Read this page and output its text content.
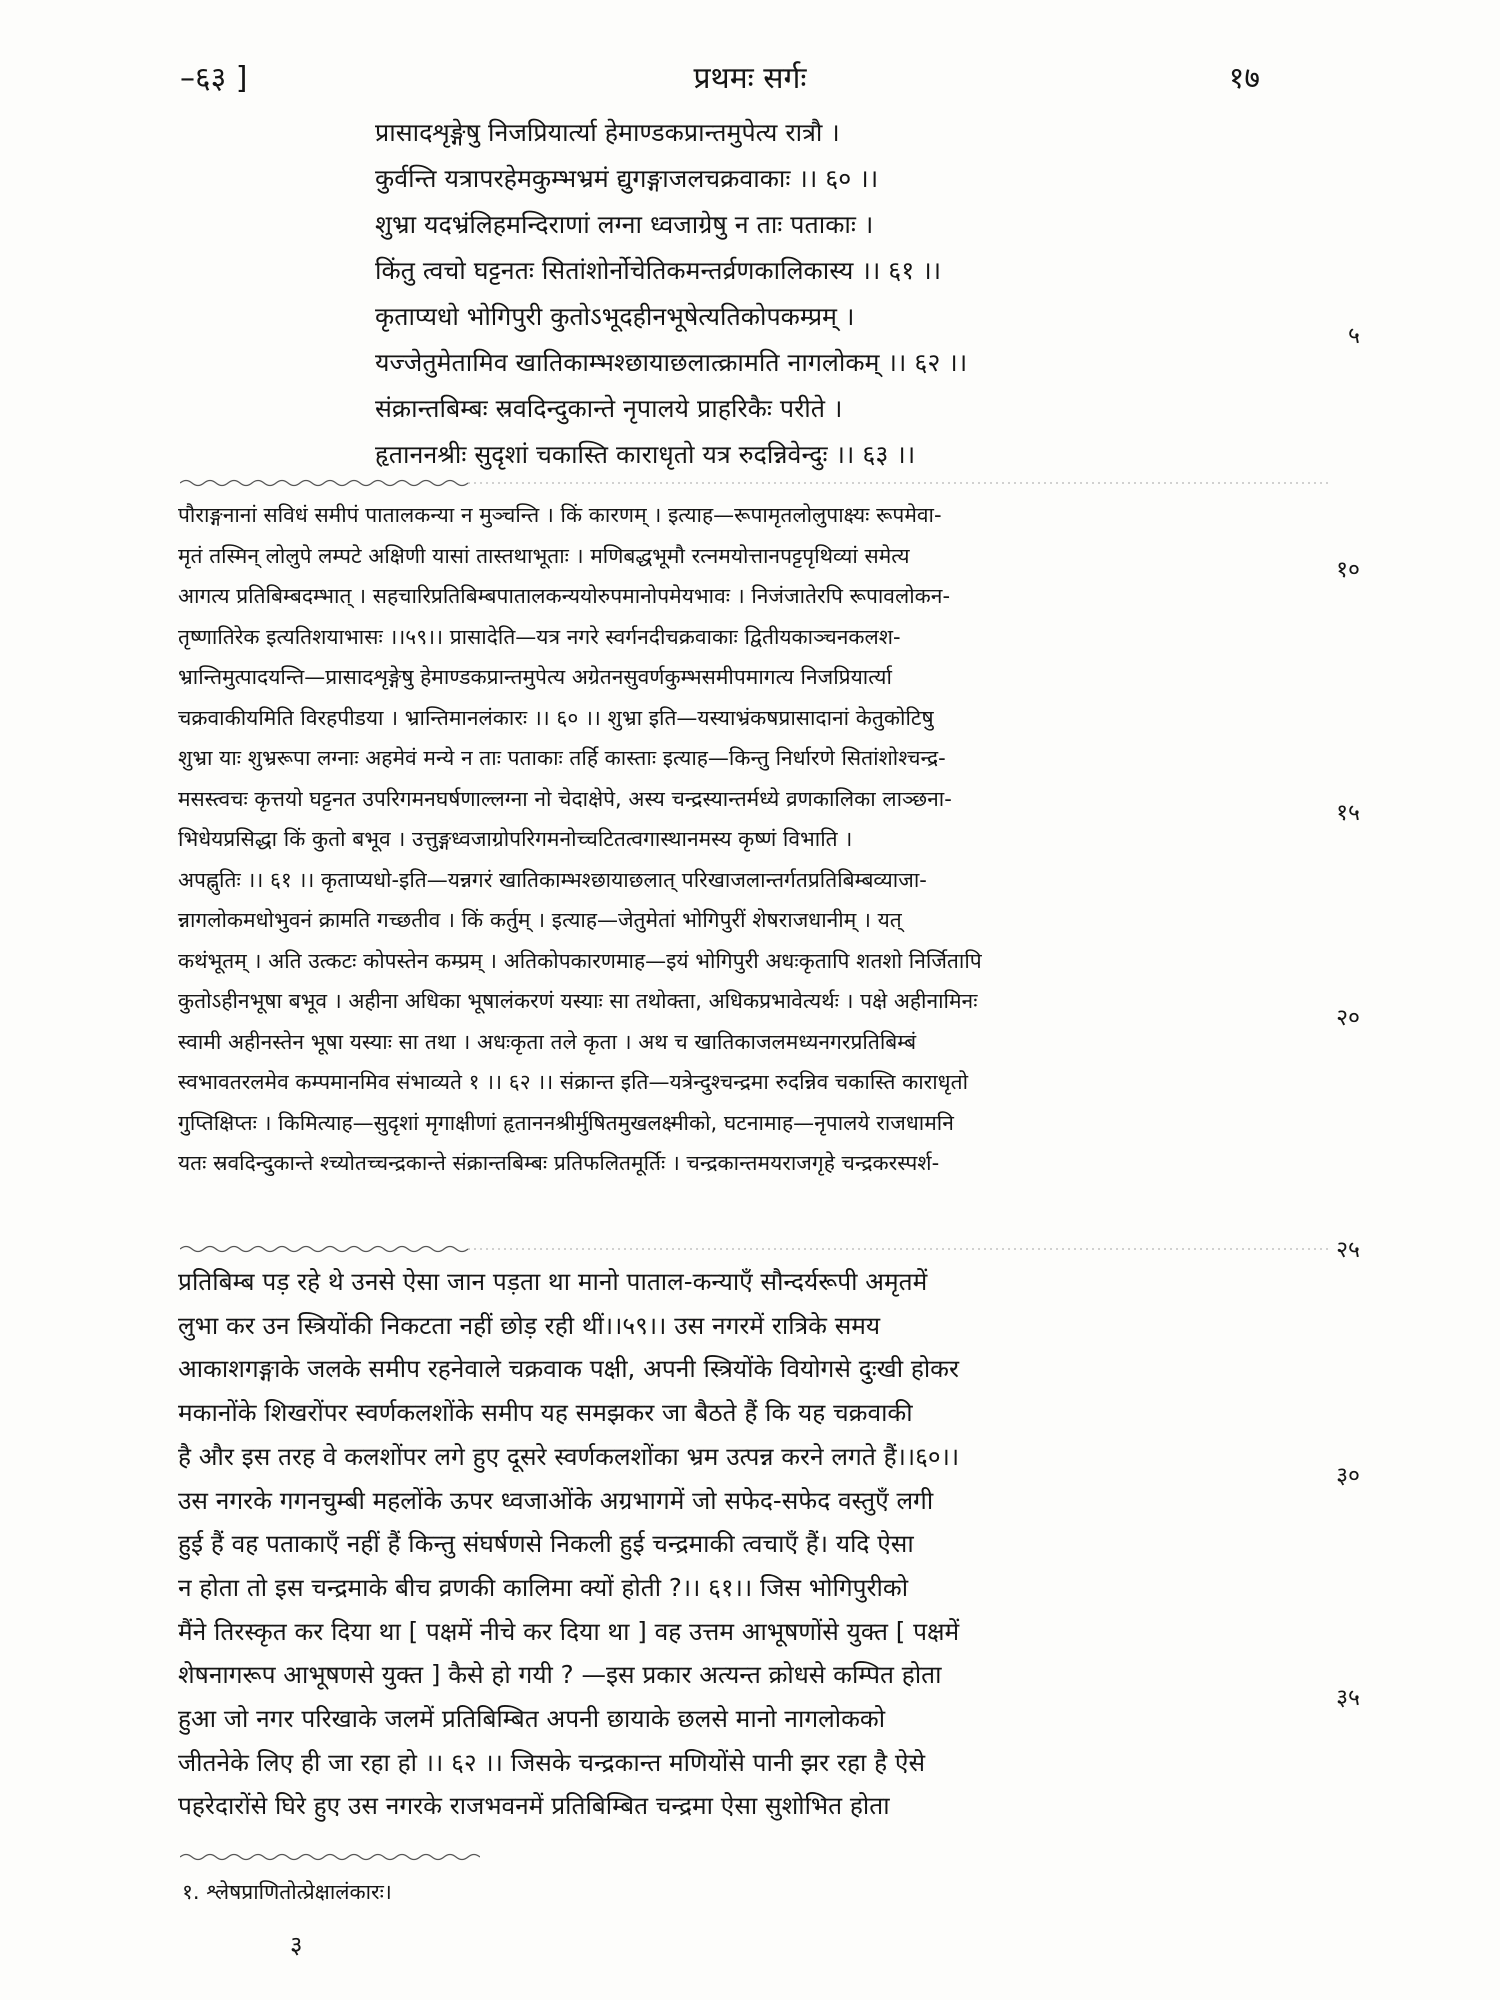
–६३ ]	प्रथमः सर्गः	१७
प्रासादशृङ्गेषु निजप्रियार्त्या हेमाण्डकप्रान्तमुपेत्य रात्रौ ।
कुर्वन्ति यत्रापरहेमकुम्भभ्रमं द्युगङ्गाजलचक्रवाकाः ।। ६० ।।
शुभ्रा यदभ्रंलिहमन्दिराणां लग्ना ध्वजाग्रेषु न ताः पताकाः ।
किंतु त्वचो घट्टनतः सितांशोर्नोचेतिकमन्तर्व्रणकालिकास्य ।। ६१ ।।
कृताप्यधो भोगिपुरी कुतोऽभूदहीनभूषेत्यतिकोपकम्प्रम् ।
यज्जेतुमेतामिव खातिकाम्भश्छायाछलात्क्रामति नागलोकम् ।। ६२ ।।
संक्रान्तबिम्बः स्रवदिन्दुकान्ते नृपालये प्राहरिकैः परीते ।
हृताननश्रीः सुदृशां चकास्ति काराधृतो यत्र रुदन्निवेन्दुः ।। ६३ ।।
पौराङ्गनानां सविधं समीपं पातालकन्या न मुञ्चन्ति । किं कारणम् । इत्याह—रूपामृतलोलुपाक्ष्यः रूपमेवा-
मृतं तस्मिन् लोलुपे लम्पटे अक्षिणी यासां तास्तथाभूताः । मणिबद्धभूमौ रत्नमयोत्तानपट्टपृथिव्यां समेत्य
आगत्य प्रतिबिम्बदम्भात् । सहचारिप्रतिबिम्बपातालकन्ययोरुपमानोपमेयभावः । निजंजातेरपि रूपावलोकन-
तृष्णातिरेक इत्यतिशयाभासः ।।५९।। प्रासादेति—यत्र नगरे स्वर्गनदीचक्रवाकाः द्वितीयकाञ्चनकलश-
भ्रान्तिमुत्पादयन्ति—प्रासादशृङ्गेषु हेमाण्डकप्रान्तमुपेत्य अग्रेतनसुवर्णकुम्भसमीपमागत्य निजप्रियार्त्या
चक्रवाकीयमिति विरहपीडया । भ्रान्तिमानलंकारः ।। ६० ।। शुभ्रा इति—यस्याभ्रंकषप्रासादानां केतुकोटिषु
शुभ्रा याः शुभ्ररूपा लग्नाः अहमेवं मन्ये न ताः पताकाः तर्हि कास्ताः इत्याह—किन्तु निर्धारणे सितांशोश्चन्द्र-
मसस्त्वचः कृत्तयो घट्टनत उपरिगमनघर्षणाल्लग्ना नो चेदाक्षेपे, अस्य चन्द्रस्यान्तर्मध्ये व्रणकालिका लाञ्छना-
भिधेयप्रसिद्धा किं कुतो बभूव । उत्तुङ्गध्वजाग्रोपरिगमनोच्चटितत्वगास्थानमस्य कृष्णं विभाति ।
अपह्नुतिः ।। ६१ ।। कृताप्यधो-इति—यन्नगरं खातिकाम्भश्छायाछलात् परिखाजलान्तर्गतप्रतिबिम्बव्याजा-
न्नागलोकमधोभुवनं क्रामति गच्छतीव । किं कर्तुम् । इत्याह—जेतुमेतां भोगिपुरीं शेषराजधानीम् । यत्
कथंभूतम् । अति उत्कटः कोपस्तेन कम्प्रम् । अतिकोपकारणमाह—इयं भोगिपुरी अधःकृतापि शतशो निर्जितापि
कुतोऽहीनभूषा बभूव । अहीना अधिका भूषालंकरणं यस्याः सा तथोक्ता, अधिकप्रभावेत्यर्थः । पक्षे अहीनामिनः
स्वामी अहीनस्तेन भूषा यस्याः सा तथा । अधःकृता तले कृता । अथ च खातिकाजलमध्यनगरप्रतिबिम्बं
स्वभावतरलमेव कम्पमानमिव संभाव्यते १ ।। ६२ ।। संक्रान्त इति—यत्रेन्दुश्चन्द्रमा रुदन्निव चकास्ति काराधृतो
गुप्तिक्षिप्तः । किमित्याह—सुदृशां मृगाक्षीणां हृताननश्रीर्मुषितमुखलक्ष्मीको, घटनामाह—नृपालये राजधामनि
यतः स्रवदिन्दुकान्ते श्च्योतच्चन्द्रकान्ते संक्रान्तबिम्बः प्रतिफलितमूर्तिः । चन्द्रकान्तमयराजगृहे चन्द्रकरस्पर्श-
प्रतिबिम्ब पड़ रहे थे उनसे ऐसा जान पड़ता था मानो पाताल-कन्याएँ सौन्दर्यरूपी अमृतमें
लुभा कर उन स्त्रियोंकी निकटता नहीं छोड़ रही थीं।।५९।। उस नगरमें रात्रिके समय
आकाशगङ्गाके जलके समीप रहनेवाले चक्रवाक पक्षी, अपनी स्त्रियोंके वियोगसे दुःखी होकर
मकानोंके शिखरोंपर स्वर्णकलशोंके समीप यह समझकर जा बैठते हैं कि यह चक्रवाकी
है और इस तरह वे कलशोंपर लगे हुए दूसरे स्वर्णकलशोंका भ्रम उत्पन्न करने लगते हैं।।६०।।
उस नगरके गगनचुम्बी महलोंके ऊपर ध्वजाओंके अग्रभागमें जो सफेद-सफेद वस्तुएँ लगी
हुई हैं वह पताकाएँ नहीं हैं किन्तु संघर्षणसे निकली हुई चन्द्रमाकी त्वचाएँ हैं। यदि ऐसा
न होता तो इस चन्द्रमाके बीच व्रणकी कालिमा क्यों होती ?।। ६१।। जिस भोगिपुरीको
मैंने तिरस्कृत कर दिया था [ पक्षमें नीचे कर दिया था ] वह उत्तम आभूषणोंसे युक्त [ पक्षमें
शेषनागरूप आभूषणसे युक्त ] कैसे हो गयी ? —इस प्रकार अत्यन्त क्रोधसे कम्पित होता
हुआ जो नगर परिखाके जलमें प्रतिबिम्बित अपनी छायाके छलसे मानो नागलोकको
जीतनेके लिए ही जा रहा हो ।। ६२ ।। जिसके चन्द्रकान्त मणियोंसे पानी झर रहा है ऐसे
पहरेदारोंसे घिरे हुए उस नगरके राजभवनमें प्रतिबिम्बित चन्द्रमा ऐसा सुशोभित होता
५
१०
१५
२०
२५
३०
३५
१. श्लेषप्राणितोत्प्रेक्षालंकारः।
३
